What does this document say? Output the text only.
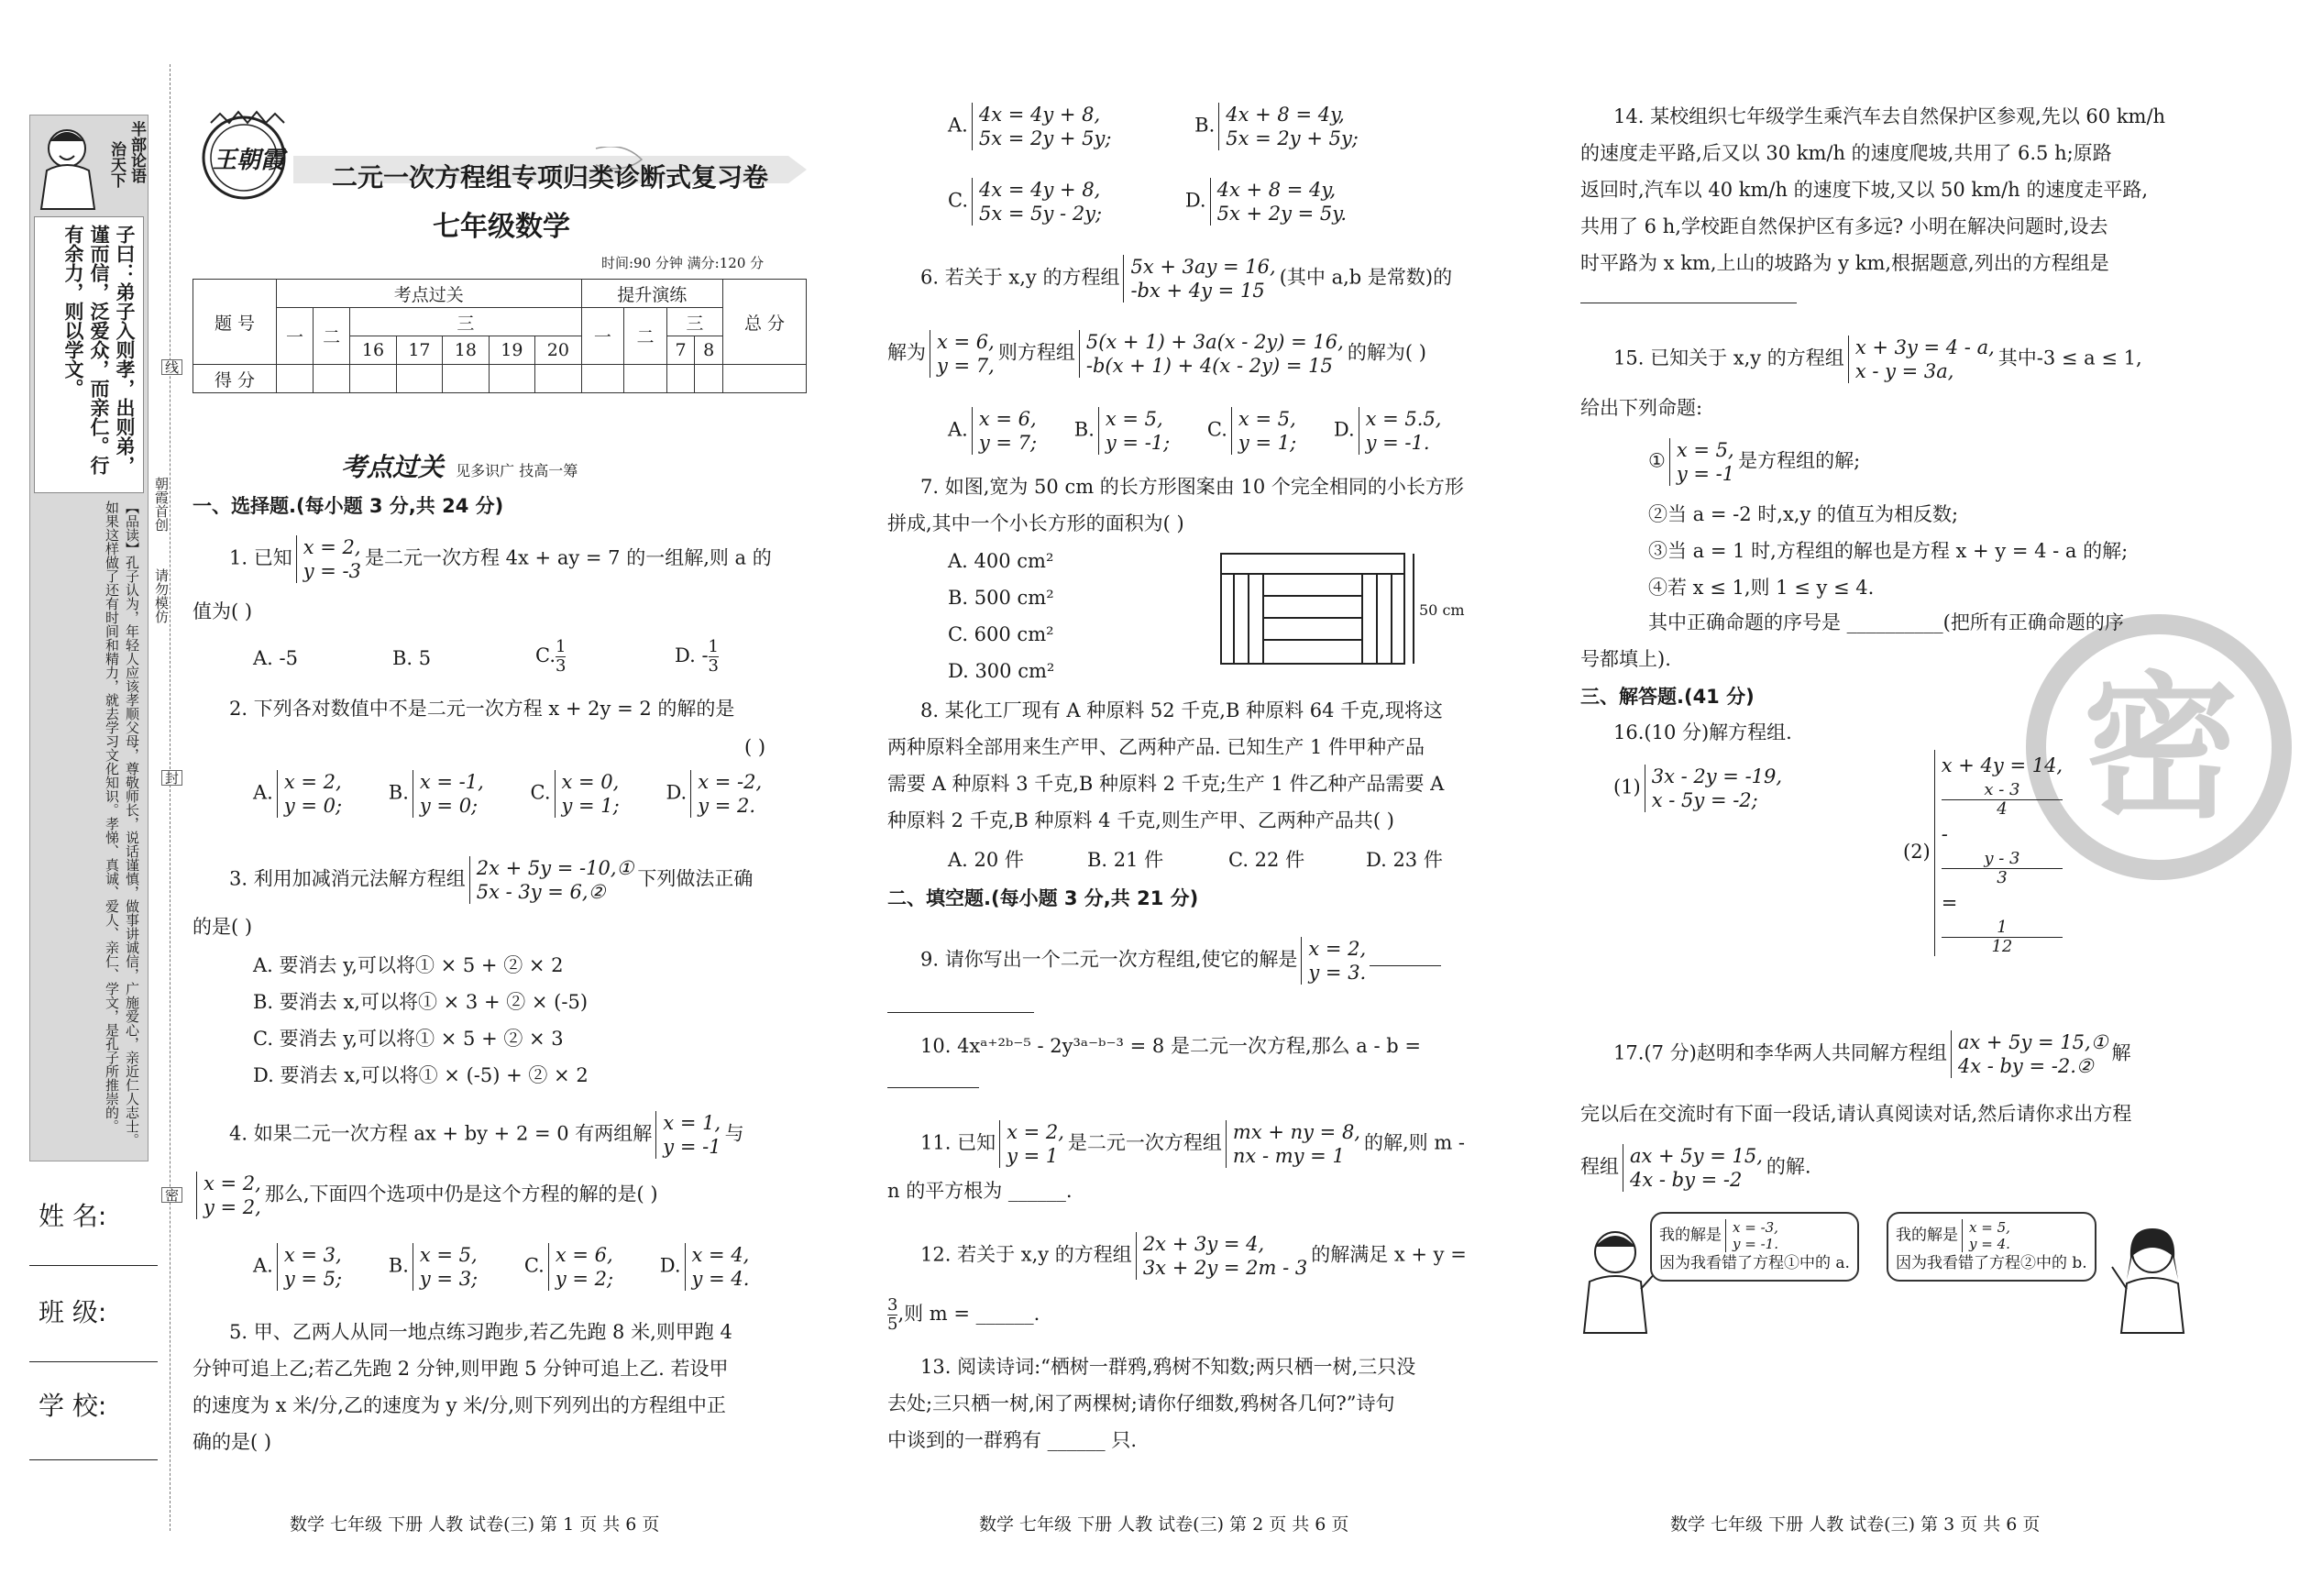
半部论语
治天下
子曰：弟子入则孝，出则弟，谨而信，泛爱众，而亲仁。行有余力，则以学文。
【品读】孔子认为，年轻人应该孝顺父母，尊敬师长，说话谨慎，做事讲诚信，广施爱心，亲近仁人志士。如果这样做了还有时间和精力，就去学习文化知识。孝悌、真诚、爱人、亲仁、学文，是孔子所推崇的。
线
封
密
朝霞首创
请勿模仿
姓 名:
班 级:
学 校:
王朝霞
二元一次方程组专项归类诊断式复习卷
七年级数学
时间:90 分钟 满分:120 分
题 号	考点过关							提升演练				总 分
	一	二	三					一	二	三		
			16	17	18	19	20			7	8	
得 分												
考点过关 见多识广 技高一筹
一、选择题.(每小题 3 分,共 24 分)
1. 已知 x = 2,
y = -3
是二元一次方程 4x + ay = 7 的一组解,则 a 的
值为( )
A. -5	B. 5	C. $\frac{1}{3}$	D. - $\frac{1}{3}$
2. 下列各对数值中不是二元一次方程 x + 2y = 2 的解的是
( )
A. x = 2,
y = 0;
B. x = -1,
y = 0;
C. x = 0,
y = 1;
D. x = -2,
y = 2.
3. 利用加减消元法解方程组 2x + 5y = -10,①
5x - 3y = 6,②
下列做法正确
的是( )
A. 要消去 y,可以将① × 5 + ② × 2
B. 要消去 x,可以将① × 3 + ② × (-5)
C. 要消去 y,可以将① × 5 + ② × 3
D. 要消去 x,可以将① × (-5) + ② × 2
4. 如果二元一次方程 ax + by + 2 = 0 有两组解 x = 1,
y = -1
与
x = 2,
y = 2,
那么,下面四个选项中仍是这个方程的解的是( )
A. x = 3,
y = 5;
B. x = 5,
y = 3;
C. x = 6,
y = 2;
D. x = 4,
y = 4.
5. 甲、乙两人从同一地点练习跑步,若乙先跑 8 米,则甲跑 4
分钟可追上乙;若乙先跑 2 分钟,则甲跑 5 分钟可追上乙. 若设甲
的速度为 x 米/分,乙的速度为 y 米/分,则下列列出的方程组中正
确的是( )
数学 七年级 下册 人教 试卷(三) 第 1 页 共 6 页
A. 4x = 4y + 8,
5x = 2y + 5y;
B. 4x + 8 = 4y,
5x = 2y + 5y;
C. 4x = 4y + 8,
5x = 5y - 2y;
D. 4x + 8 = 4y,
5x + 2y = 5y.
6. 若关于 x,y 的方程组 5x + 3ay = 16,
-bx + 4y = 15
(其中 a,b 是常数)的
解为 x = 6,
y = 7,
则方程组 5(x + 1) + 3a(x - 2y) = 16,
-b(x + 1) + 4(x - 2y) = 15
的解为( )
A. x = 6,
y = 7;
B. x = 5,
y = -1;
C. x = 5,
y = 1;
D. x = 5.5,
y = -1.
7. 如图,宽为 50 cm 的长方形图案由 10 个完全相同的小长方形
拼成,其中一个小长方形的面积为( )
A. 400 cm²
B. 500 cm²
C. 600 cm²
D. 300 cm²
50 cm
8. 某化工厂现有 A 种原料 52 千克,B 种原料 64 千克,现将这
两种原料全部用来生产甲、乙两种产品. 已知生产 1 件甲种产品
需要 A 种原料 3 千克,B 种原料 2 千克;生产 1 件乙种产品需要 A
种原料 2 千克,B 种原料 4 千克,则生产甲、乙两种产品共( )
A. 20 件	B. 21 件	C. 22 件	D. 23 件
二、填空题.(每小题 3 分,共 21 分)
9. 请你写出一个二元一次方程组,使它的解是 x = 2,
y = 3.
10. 4xᵃ⁺²ᵇ⁻⁵ - 2y³ᵃ⁻ᵇ⁻³ = 8 是二元一次方程,那么 a - b =
11. 已知 x = 2,
y = 1
是二元一次方程组 mx + ny = 8,
nx - my = 1
的解,则 m -
n 的平方根为 ______.
12. 若关于 x,y 的方程组 2x + 3y = 4,
3x + 2y = 2m - 3
的解满足 x + y =
$\frac{3}{5}$ ,则 m = ______.
13. 阅读诗词:“栖树一群鸦,鸦树不知数;两只栖一树,三只没
去处;三只栖一树,闲了两棵树;请你仔细数,鸦树各几何?”诗句
中谈到的一群鸦有 ______ 只.
数学 七年级 下册 人教 试卷(三) 第 2 页 共 6 页
密
14. 某校组织七年级学生乘汽车去自然保护区参观,先以 60 km/h
的速度走平路,后又以 30 km/h 的速度爬坡,共用了 6.5 h;原路
返回时,汽车以 40 km/h 的速度下坡,又以 50 km/h 的速度走平路,
共用了 6 h,学校距自然保护区有多远? 小明在解决问题时,设去
时平路为 x km,上山的坡路为 y km,根据题意,列出的方程组是
15. 已知关于 x,y 的方程组 x + 3y = 4 - a,
x - y = 3a,
其中-3 ≤ a ≤ 1,
给出下列命题:
① x = 5,
y = -1
是方程组的解;
②当 a = -2 时,x,y 的值互为相反数;
③当 a = 1 时,方程组的解也是方程 x + y = 4 - a 的解;
④若 x ≤ 1,则 1 ≤ y ≤ 4.
其中正确命题的序号是 __________(把所有正确命题的序
号都填上).
三、解答题.(41 分)
16.(10 分)解方程组.
(1) 3x - 2y = -19,
x - 5y = -2;
(2)
x + 4y = 14,
x - 3
4
-
y - 3
3
=
1
12
17.(7 分)赵明和李华两人共同解方程组 ax + 5y = 15,①
4x - by = -2.②
解
完以后在交流时有下面一段话,请认真阅读对话,然后请你求出方程
程组 ax + 5y = 15,
4x - by = -2
的解.
我的解是 x = -3,
y = -1.
因为我看错了方程①中的 a.
我的解是 x = 5,
y = 4.
因为我看错了方程②中的 b.
数学 七年级 下册 人教 试卷(三) 第 3 页 共 6 页
